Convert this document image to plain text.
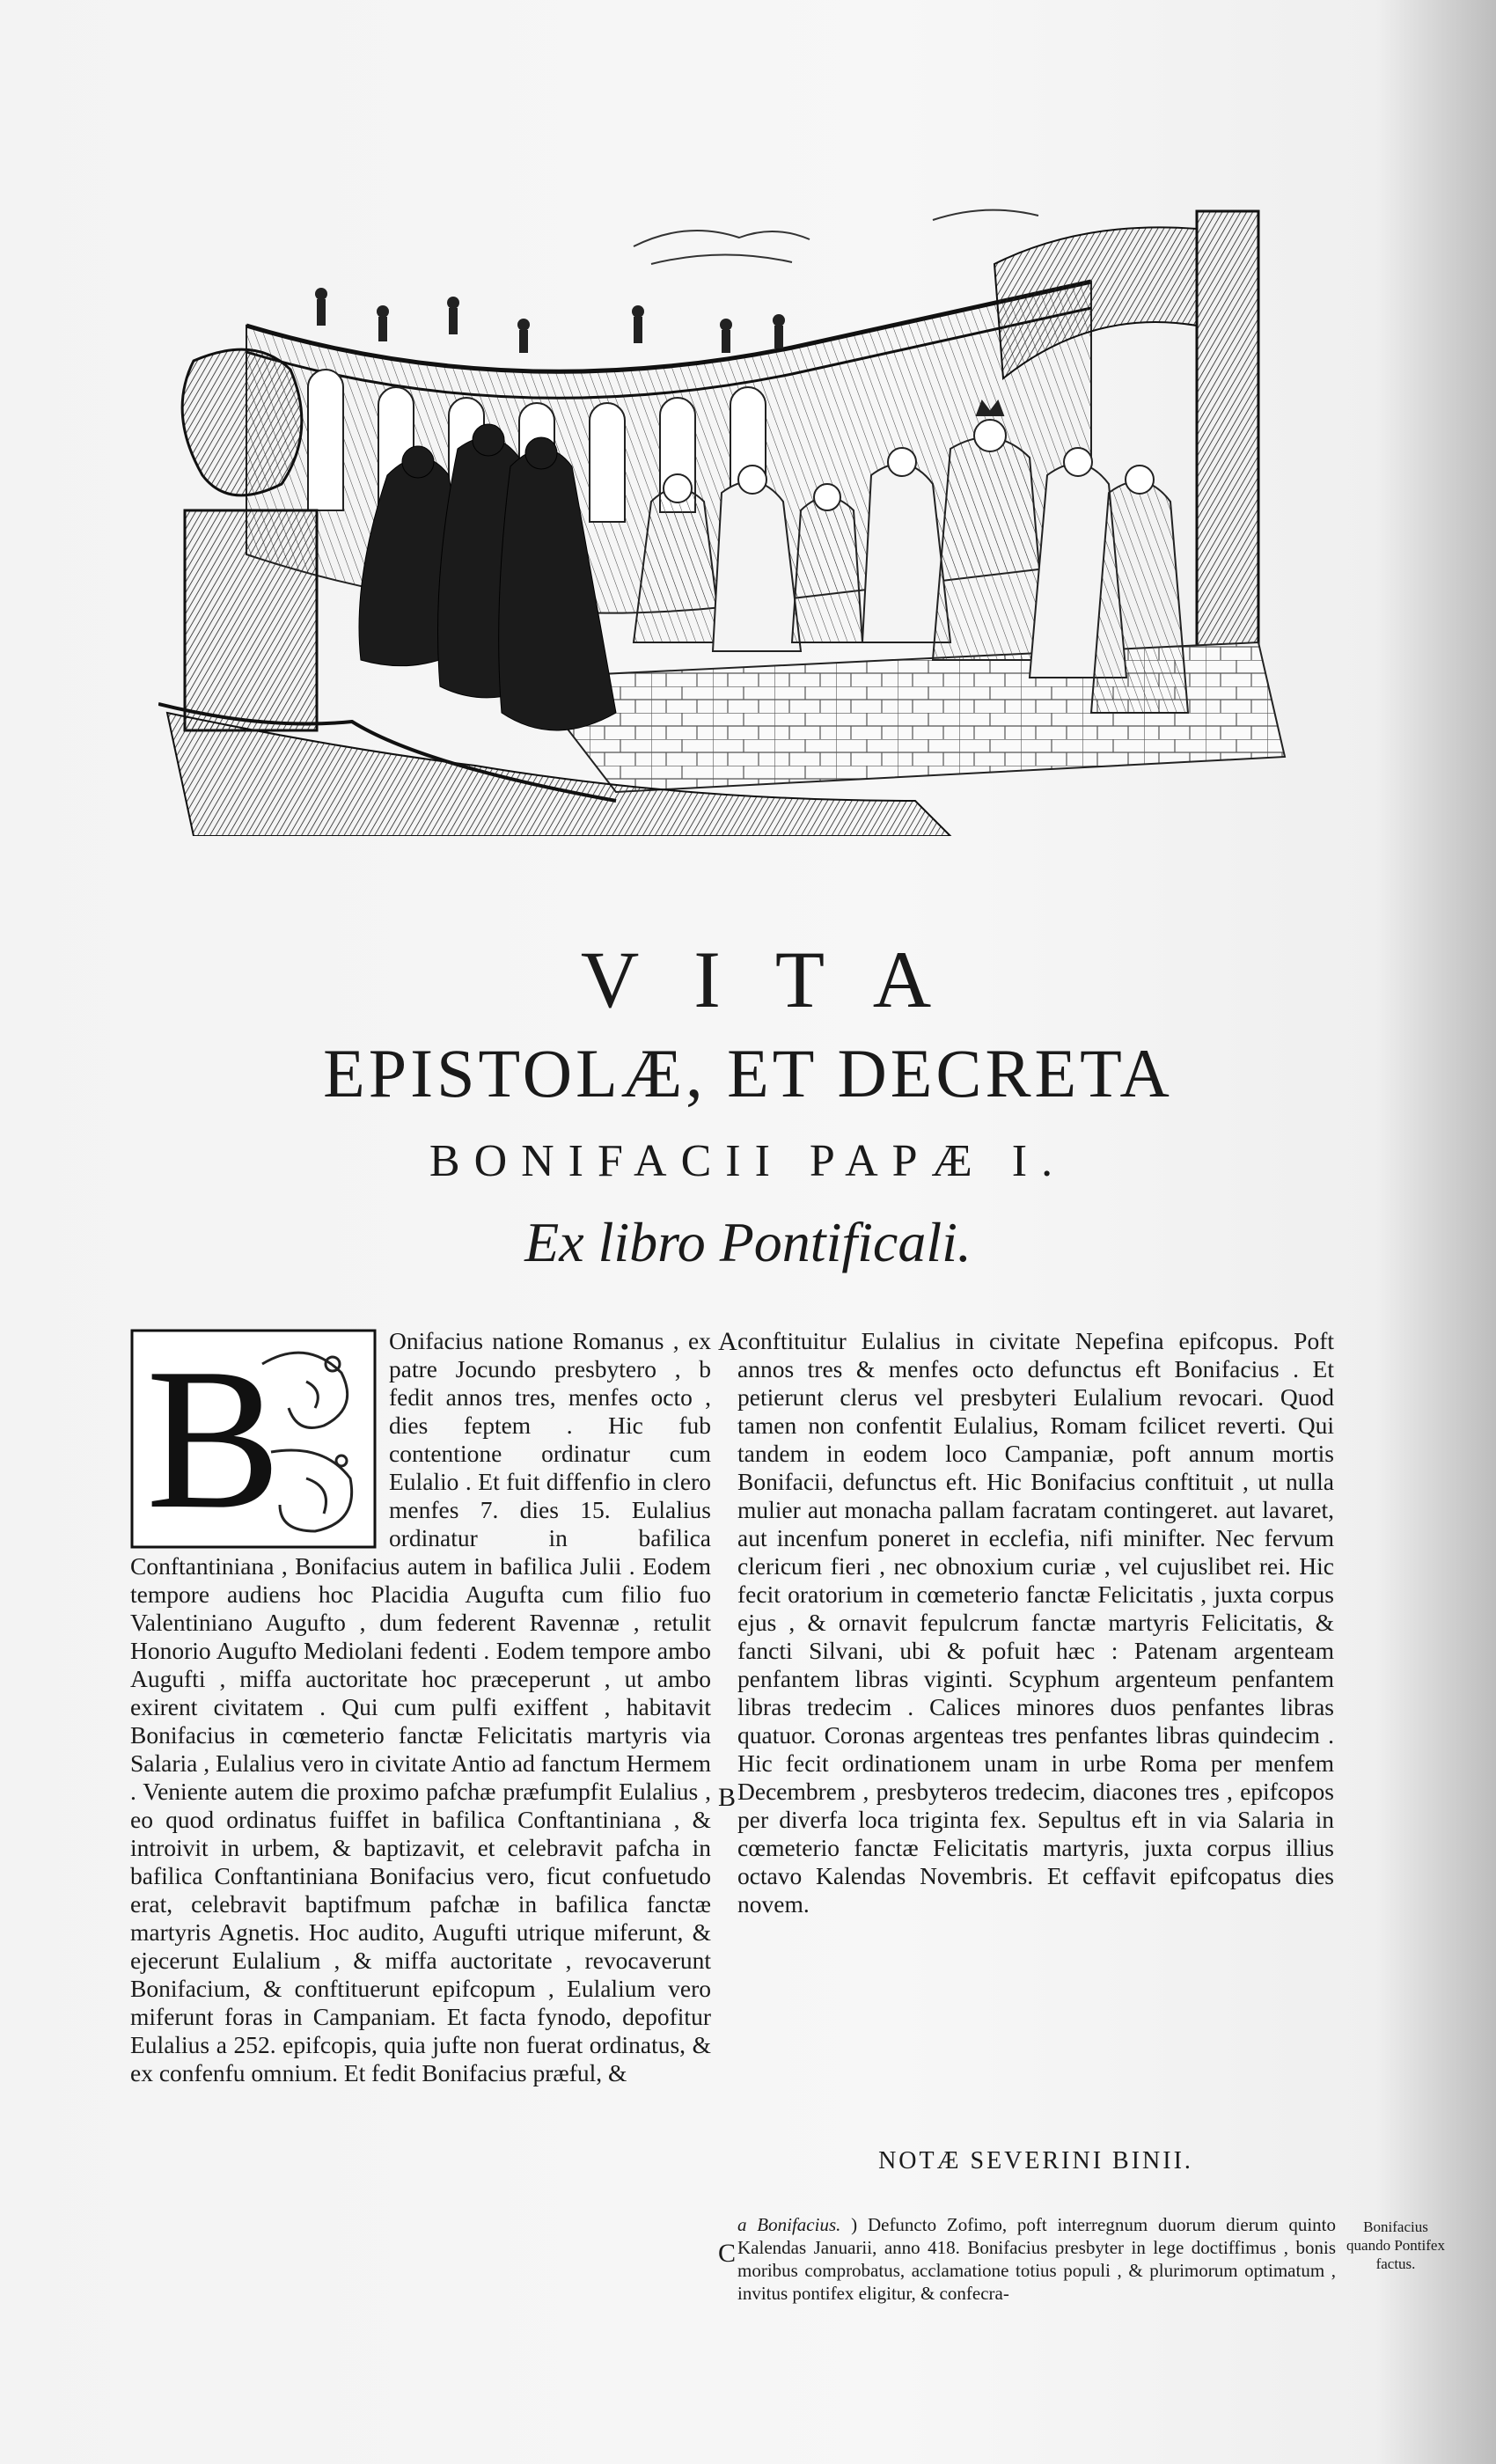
VITA
EPISTOLÆ, ET DECRETA
BONIFACII PAPÆ I.
Ex libro Pontificali.
B	Onifacius natione Romanus , ex patre Jocundo presbytero , b fedit annos tres, menfes octo , dies feptem . Hic fub contentione ordinatur cum Eulalio . Et fuit diffenfio in clero menfes 7. dies 15. Eulalius ordinatur in bafilica Conftantiniana , Bonifacius autem in bafilica Julii . Eodem tempore audiens hoc Placidia Augufta cum filio fuo Valentiniano Augufto , dum federent Ravennæ , retulit Honorio Augufto Mediolani fedenti . Eodem tempore ambo Augufti , miffa auctoritate hoc præceperunt , ut ambo exirent civitatem . Qui cum pulfi exiffent , habitavit Bonifacius in cœmeterio fanctæ Felicitatis martyris via Salaria , Eulalius vero in civitate Antio ad fanctum Hermem . Veniente autem die proximo pafchæ præfumpfit Eulalius , eo quod ordinatus fuiffet in bafilica Conftantiniana , & introivit in urbem, & baptizavit, et celebravit pafcha in bafilica Conftantiniana Bonifacius vero, ficut confuetudo erat, celebravit baptifmum pafchæ in bafilica fanctæ martyris Agnetis. Hoc audito, Augufti utrique miferunt, & ejecerunt Eulalium , & miffa auctoritate , revocaverunt Bonifacium, & conftituerunt epifcopum , Eulalium vero miferunt foras in Campaniam. Et facta fynodo, depofitur Eulalius a 252. epifcopis, quia jufte non fuerat ordinatus, & ex confenfu omnium. Et fedit Bonifacius præful, &

A
B
C

conftituitur Eulalius in civitate Nepefina epifcopus. Poft annos tres & menfes octo defunctus eft Bonifacius . Et petierunt clerus vel presbyteri Eulalium revocari. Quod tamen non confentit Eulalius, Romam fcilicet reverti. Qui tandem in eodem loco Campaniæ, poft annum mortis Bonifacii, defunctus eft. Hic Bonifacius conftituit , ut nulla mulier aut monacha pallam facratam contingeret. aut lavaret, aut incenfum poneret in ecclefia, nifi minifter. Nec fervum clericum fieri , nec obnoxium curiæ , vel cujuslibet rei. Hic fecit oratorium in cœmeterio fanctæ Felicitatis , juxta corpus ejus , & ornavit fepulcrum fanctæ martyris Felicitatis, & fancti Silvani, ubi & pofuit hæc : Patenam argenteam penfantem libras viginti. Scyphum argenteum penfantem libras tredecim . Calices minores duos penfantes libras quatuor. Coronas argenteas tres penfantes libras quindecim . Hic fecit ordinationem unam in urbe Roma per menfem Decembrem , presbyteros tredecim, diacones tres , epifcopos per diverfa loca triginta fex. Sepultus eft in via Salaria in cœmeterio fanctæ Felicitatis martyris, juxta corpus illius octavo Kalendas Novembris. Et ceffavit epifcopatus dies novem.

NOTÆ SEVERINI BINII.
a Bonifacius. ) Defuncto Zofimo, poft interregnum duorum dierum quinto Kalendas Januarii, anno 418. Bonifacius presbyter in lege doctiffimus , bonis moribus comprobatus, acclamatione totius populi , & plurimorum optimatum , invitus pontifex eligitur, & confecra-
Bonifacius quando Pontifex factus.
